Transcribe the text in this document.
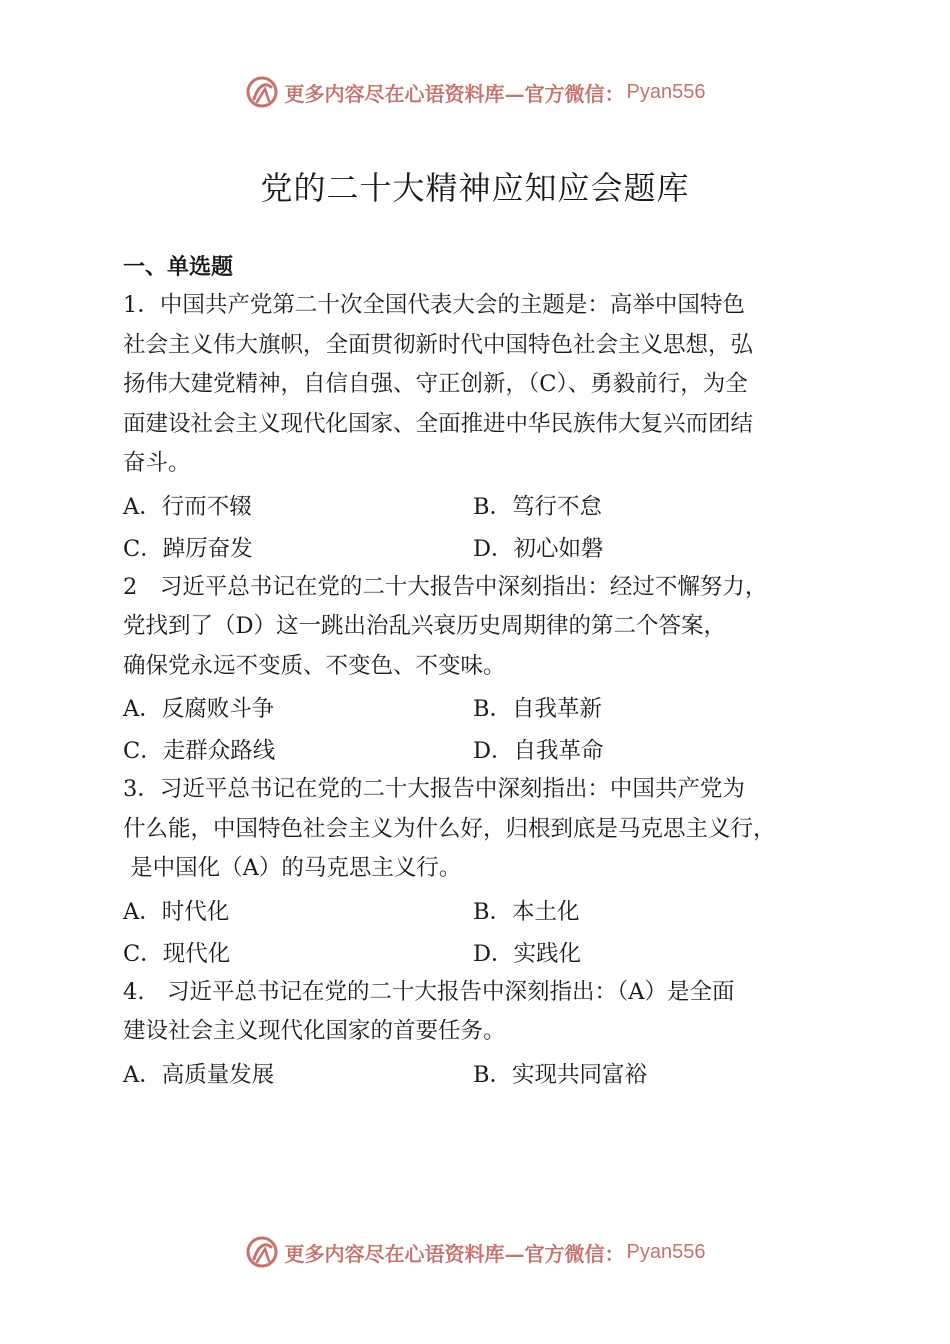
更多内容尽在心语资料库—官方微信： Pyan556
党的二十大精神应知应会题库
一、单选题
1．中国共产党第二十次全国代表大会的主题是：高举中国特色
社会主义伟大旗帜，全面贯彻新时代中国特色社会主义思想，弘
扬伟大建党精神，自信自强、守正创新，（C）、勇毅前行，为全
面建设社会主义现代化国家、全面推进中华民族伟大复兴而团结
奋斗。
A．行而不辍	B．笃行不怠
C．踔厉奋发	D．初心如磐
2　习近平总书记在党的二十大报告中深刻指出：经过不懈努力，
党找到了（D）这一跳出治乱兴衰历史周期律的第二个答案，
确保党永远不变质、不变色、不变味。
A．反腐败斗争	B．自我革新
C．走群众路线	D．自我革命
3．习近平总书记在党的二十大报告中深刻指出：中国共产党为
什么能，中国特色社会主义为什么好，归根到底是马克思主义行，
是中国化（A）的马克思主义行。
A．时代化	B．本土化
C．现代化	D．实践化
4.　习近平总书记在党的二十大报告中深刻指出：（A）是全面
建设社会主义现代化国家的首要任务。
A．高质量发展	B．实现共同富裕
更多内容尽在心语资料库—官方微信： Pyan556
